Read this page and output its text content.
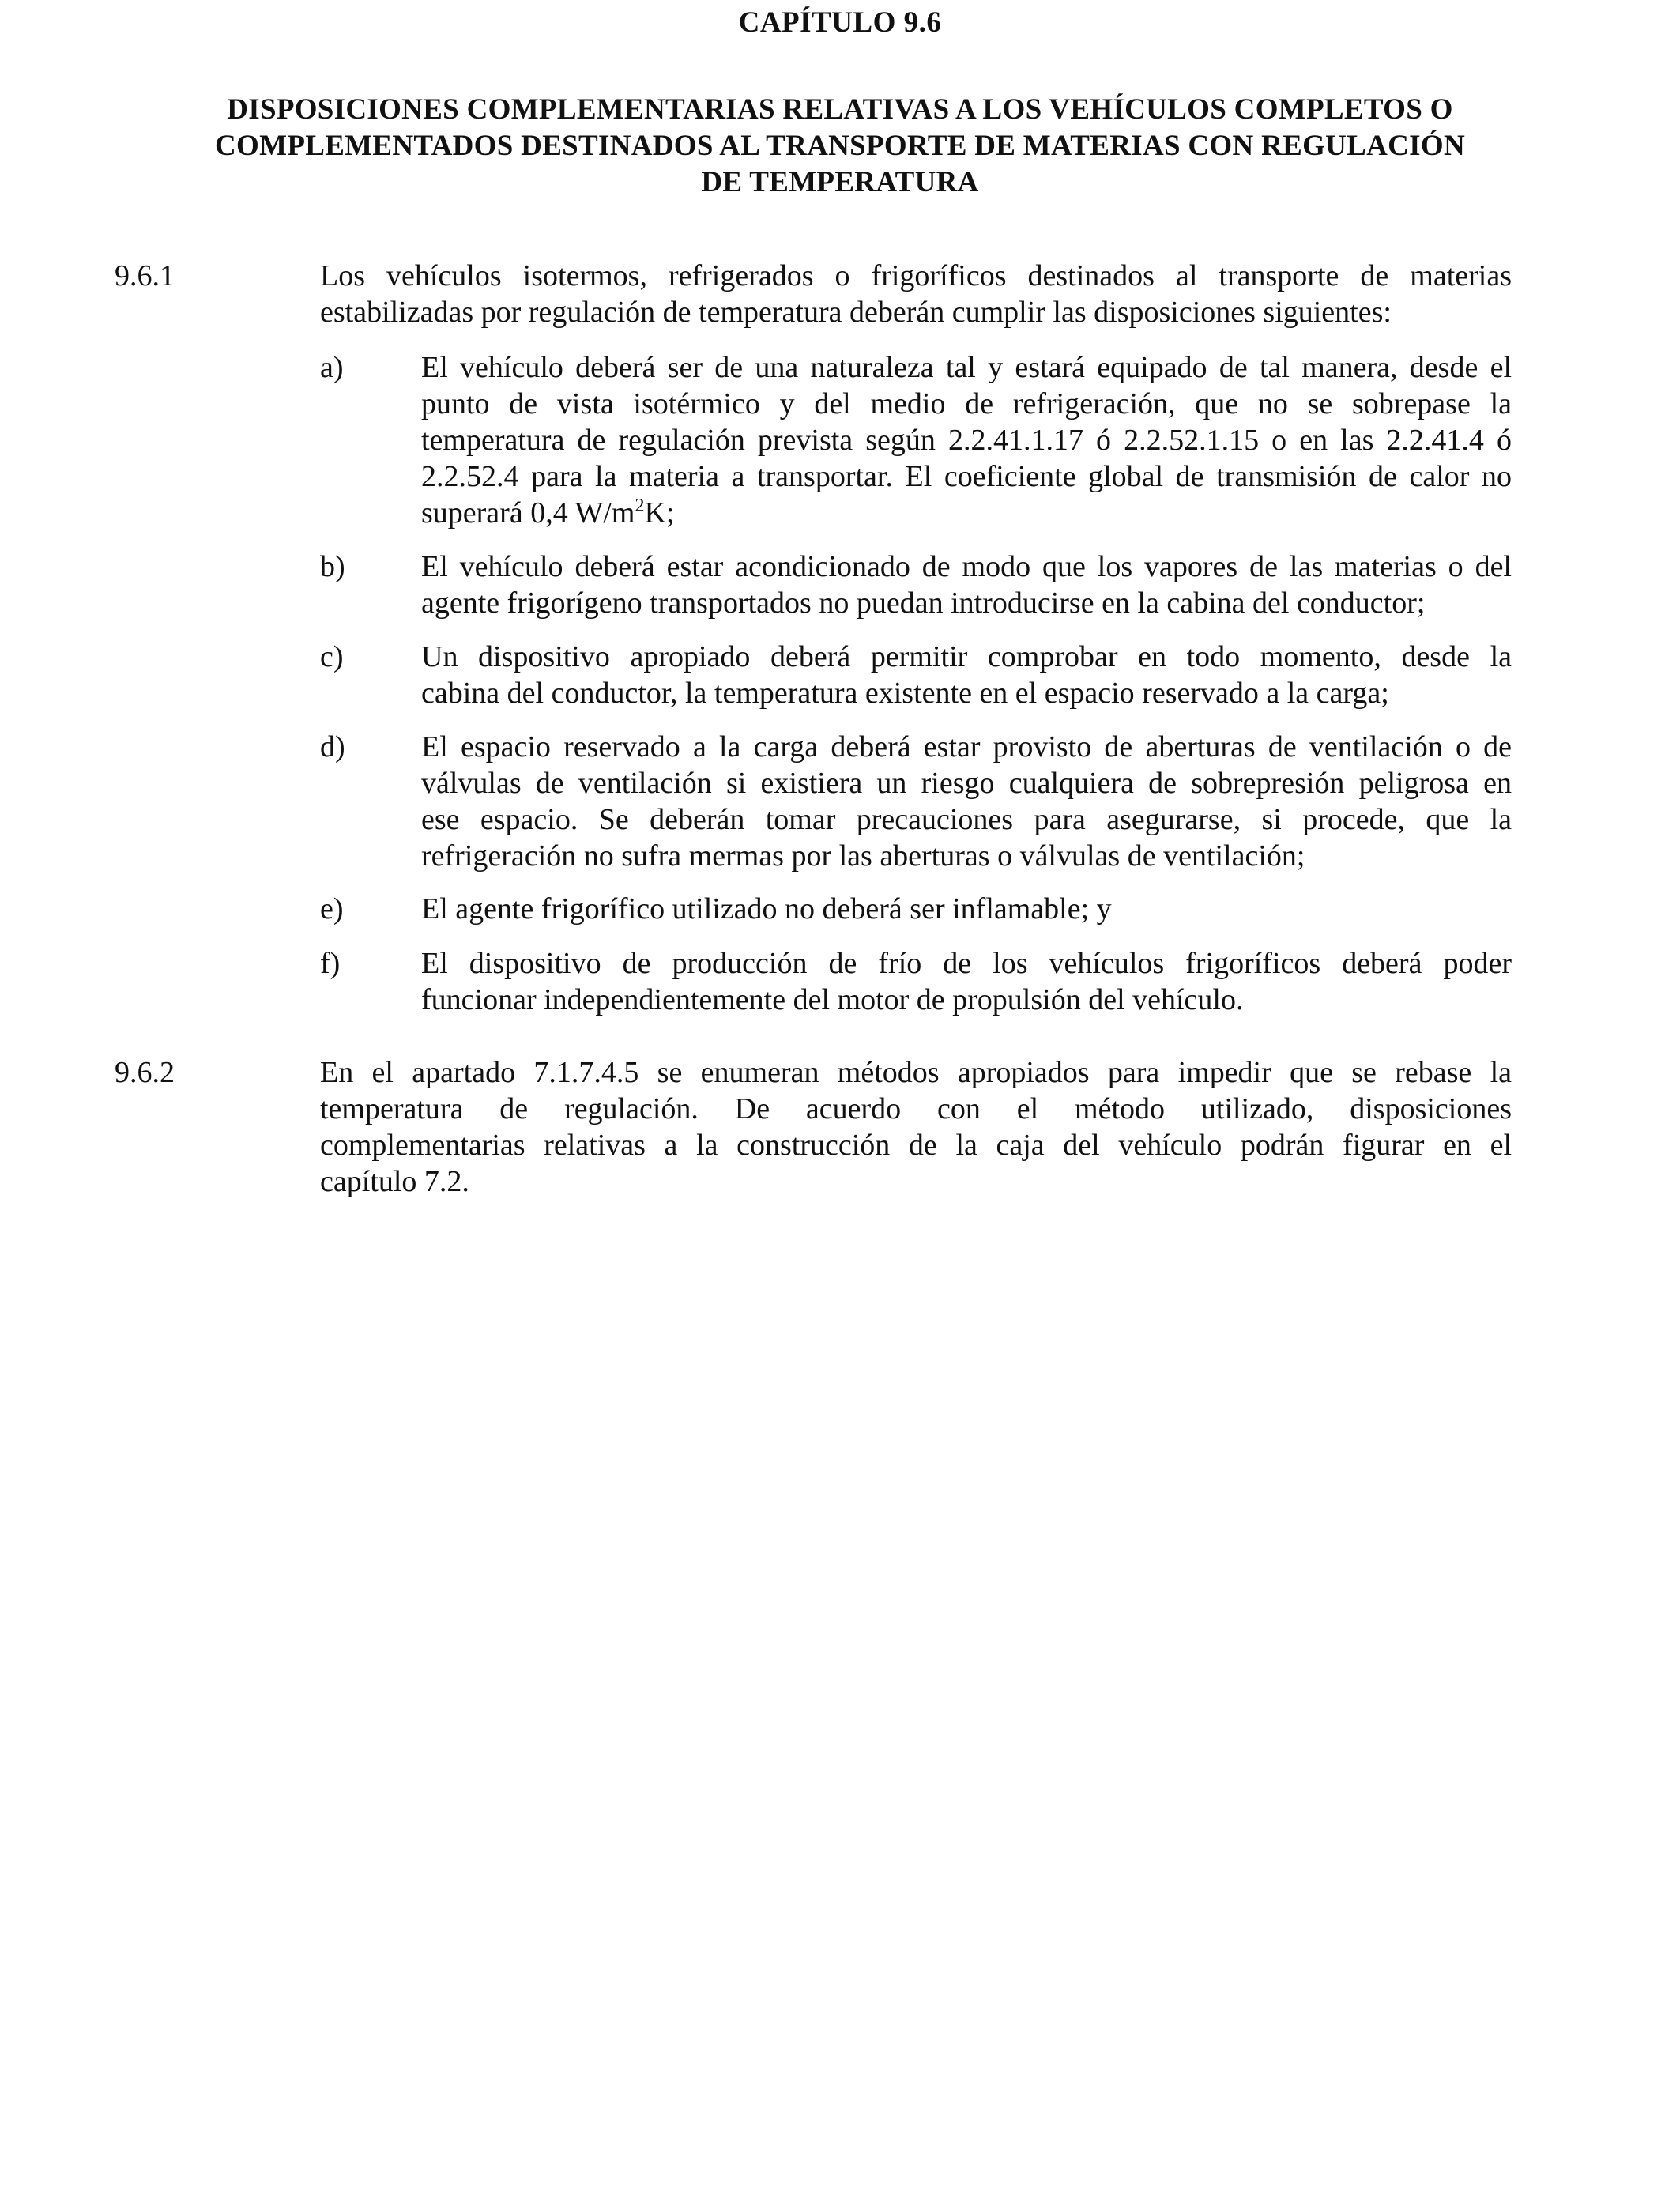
CAPÍTULO 9.6
DISPOSICIONES COMPLEMENTARIAS RELATIVAS A LOS VEHÍCULOS COMPLETOS O
COMPLEMENTADOS DESTINADOS AL TRANSPORTE DE MATERIAS CON REGULACIÓN
DE TEMPERATURA
9.6.1	Los vehículos isotermos, refrigerados o frigoríficos destinados al transporte de materias
estabilizadas por regulación de temperatura deberán cumplir las disposiciones siguientes:
a)	El vehículo deberá ser de una naturaleza tal y estará equipado de tal manera, desde el
punto de vista isotérmico y del medio de refrigeración, que no se sobrepase la
temperatura de regulación prevista según 2.2.41.1.17 ó 2.2.52.1.15 o en las 2.2.41.4 ó
2.2.52.4 para la materia a transportar. El coeficiente global de transmisión de calor no
superará 0,4 $W/m^2K$;
b)	El vehículo deberá estar acondicionado de modo que los vapores de las materias o del
agente frigorígeno transportados no puedan introducirse en la cabina del conductor;
c)	Un dispositivo apropiado deberá permitir comprobar en todo momento, desde la
cabina del conductor, la temperatura existente en el espacio reservado a la carga;
d)	El espacio reservado a la carga deberá estar provisto de aberturas de ventilación o de
válvulas de ventilación si existiera un riesgo cualquiera de sobrepresión peligrosa en
ese espacio. Se deberán tomar precauciones para asegurarse, si procede, que la
refrigeración no sufra mermas por las aberturas o válvulas de ventilación;
e)	El agente frigorífico utilizado no deberá ser inflamable; y
f)	El dispositivo de producción de frío de los vehículos frigoríficos deberá poder
funcionar independientemente del motor de propulsión del vehículo.
9.6.2	En el apartado 7.1.7.4.5 se enumeran métodos apropiados para impedir que se rebase la
temperatura de regulación. De acuerdo con el método utilizado, disposiciones
complementarias relativas a la construcción de la caja del vehículo podrán figurar en el
capítulo 7.2.
